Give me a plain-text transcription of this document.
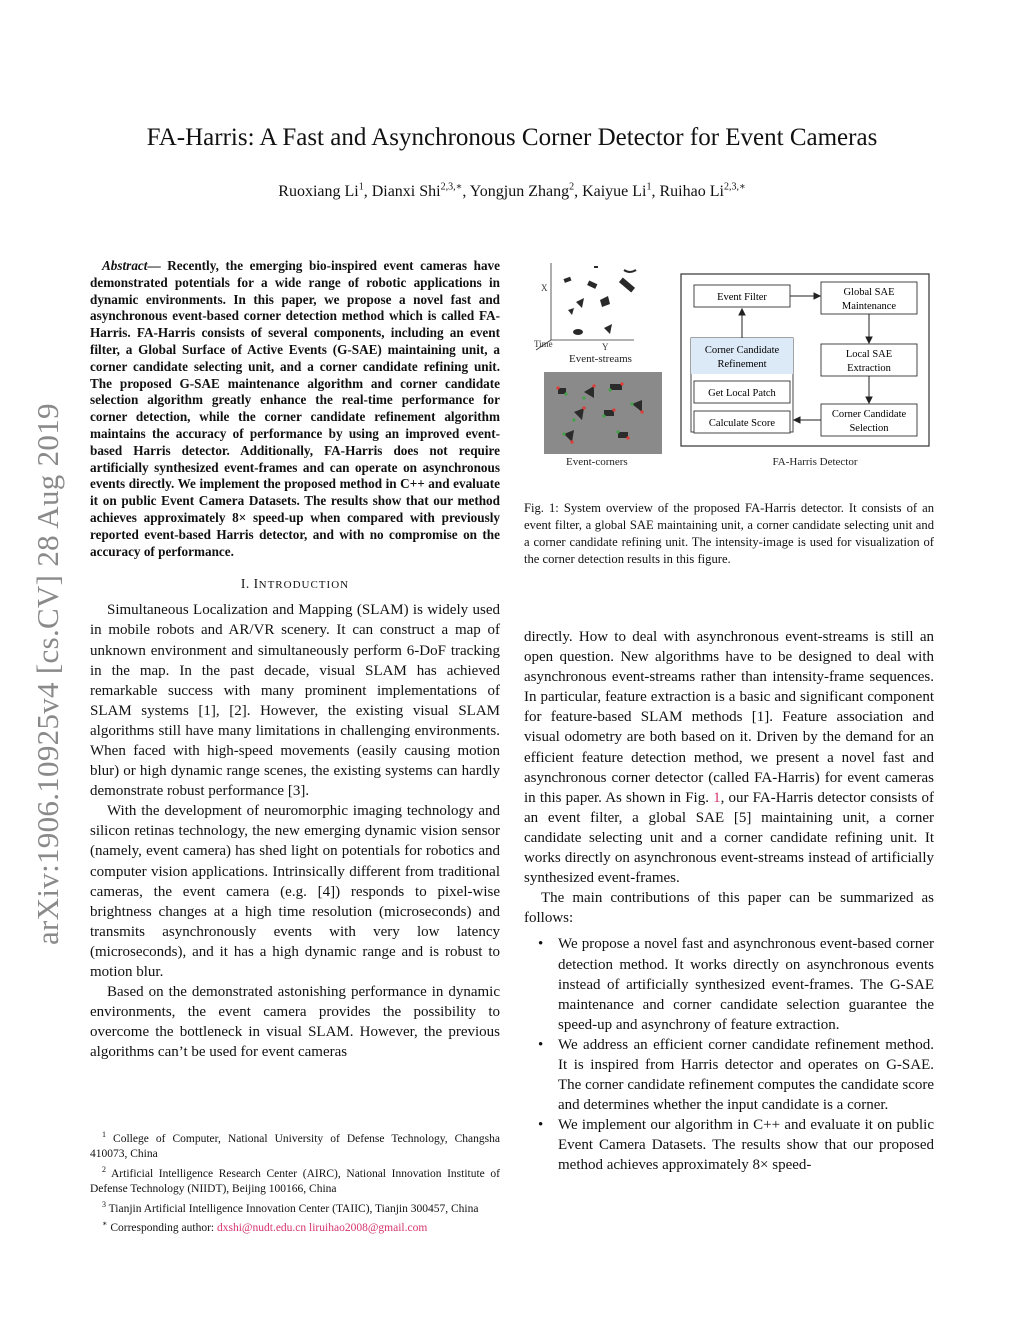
arXiv:1906.10925v4 [cs.CV] 28 Aug 2019
FA-Harris: A Fast and Asynchronous Corner Detector for Event Cameras
Ruoxiang Li$^1$, Dianxi Shi$^{2,3,∗}$, Yongjun Zhang$^2$, Kaiyue Li$^1$, Ruihao $Li^{2,3,∗}$

Abstract— Recently, the emerging bio-inspired event cameras have demonstrated potentials for a wide range of robotic applications in dynamic environments. In this paper, we propose a novel fast and asynchronous event-based corner detection method which is called FA-Harris. FA-Harris consists of several components, including an event filter, a Global Surface of Active Events (G-SAE) maintaining unit, a corner candidate selecting unit, and a corner candidate refining unit. The proposed G-SAE maintenance algorithm and corner candidate selection algorithm greatly enhance the real-time performance for corner detection, while the corner candidate refinement algorithm maintains the accuracy of performance by using an improved event-based Harris detector. Additionally, FA-Harris does not require artificially synthesized event-frames and can operate on asynchronous events directly. We implement the proposed method in C++ and evaluate it on public Event Camera Datasets. The results show that our method achieves approximately 8× speed-up when compared with previously reported event-based Harris detector, and with no compromise on the accuracy of performance.

I. INTRODUCTION

Simultaneous Localization and Mapping (SLAM) is widely used in mobile robots and AR/VR scenery. It can construct a map of unknown environment and simultaneously perform 6-DoF tracking in the map. In the past decade, visual SLAM has achieved remarkable success with many prominent implementations of SLAM systems [1], [2]. However, the existing visual SLAM algorithms still have many limitations in challenging environments. When faced with high-speed movements (easily causing motion blur) or high dynamic range scenes, the existing systems can hardly demonstrate robust performance [3].

With the development of neuromorphic imaging technology and silicon retinas technology, the new emerging dynamic vision sensor (namely, event camera) has shed light on potentials for robotics and computer vision applications. Intrinsically different from traditional cameras, the event camera (e.g. [4]) responds to pixel-wise brightness changes at a high time resolution (microseconds) and transmits asynchronously events with very low latency (microseconds), and it has a high dynamic range and is robust to motion blur.

Based on the demonstrated astonishing performance in dynamic environments, the event camera provides the possibility to overcome the bottleneck in visual SLAM. However, the previous algorithms can’t be used for event cameras

$^1$ College of Computer, National University of Defense Technology, Changsha 410073, China

$^2$ Artificial Intelligence Research Center (AIRC), National Innovation Institute of Defense Technology (NIIDT), Beijing 100166, China

$^3$ Tianjin Artificial Intelligence Innovation Center (TAIIC), Tianjin 300457, China

∗ Corresponding author: dxshi@nudt.edu.cn liruihao2008@gmail.com

X
Y
Time
Event-streams
Event-corners	FA-Harris Detector
Event Filter	Global SAE
Maintenance
Corner Candidate
Refinement
Get Local Patch
Calculate Score
Local SAE
Extraction
Corner Candidate
Selection
Fig. 1: System overview of the proposed FA-Harris detector. It consists of an event filter, a global SAE maintaining unit, a corner candidate selecting unit and a corner candidate refining unit. The intensity-image is used for visualization of the corner detection results in this figure.

directly. How to deal with asynchronous event-streams is still an open question. New algorithms have to be designed to deal with asynchronous event-streams rather than intensity-frame sequences. In particular, feature extraction is a basic and significant component for feature-based SLAM methods [1]. Feature association and visual odometry are both based on it. Driven by the demand for an efficient feature detection method, we present a novel fast and asynchronous corner detector (called FA-Harris) for event cameras in this paper. As shown in Fig. 1, our FA-Harris detector consists of an event filter, a global SAE [5] maintaining unit, a corner candidate selecting unit and a corner candidate refining unit. It works directly on asynchronous event-streams instead of artificially synthesized event-frames.

The main contributions of this paper can be summarized as follows:

• We propose a novel fast and asynchronous event-based corner detection method. It works directly on asynchronous events instead of artificially synthesized event-frames. The G-SAE maintenance and corner candidate selection guarantee the speed-up and asynchrony of feature extraction.
• We address an efficient corner candidate refinement method. It is inspired from Harris detector and operates on G-SAE. The corner candidate refinement computes the candidate score and determines whether the input candidate is a corner.
• We implement our algorithm in C++ and evaluate it on public Event Camera Datasets. The results show that our proposed method achieves approximately 8× speed-
